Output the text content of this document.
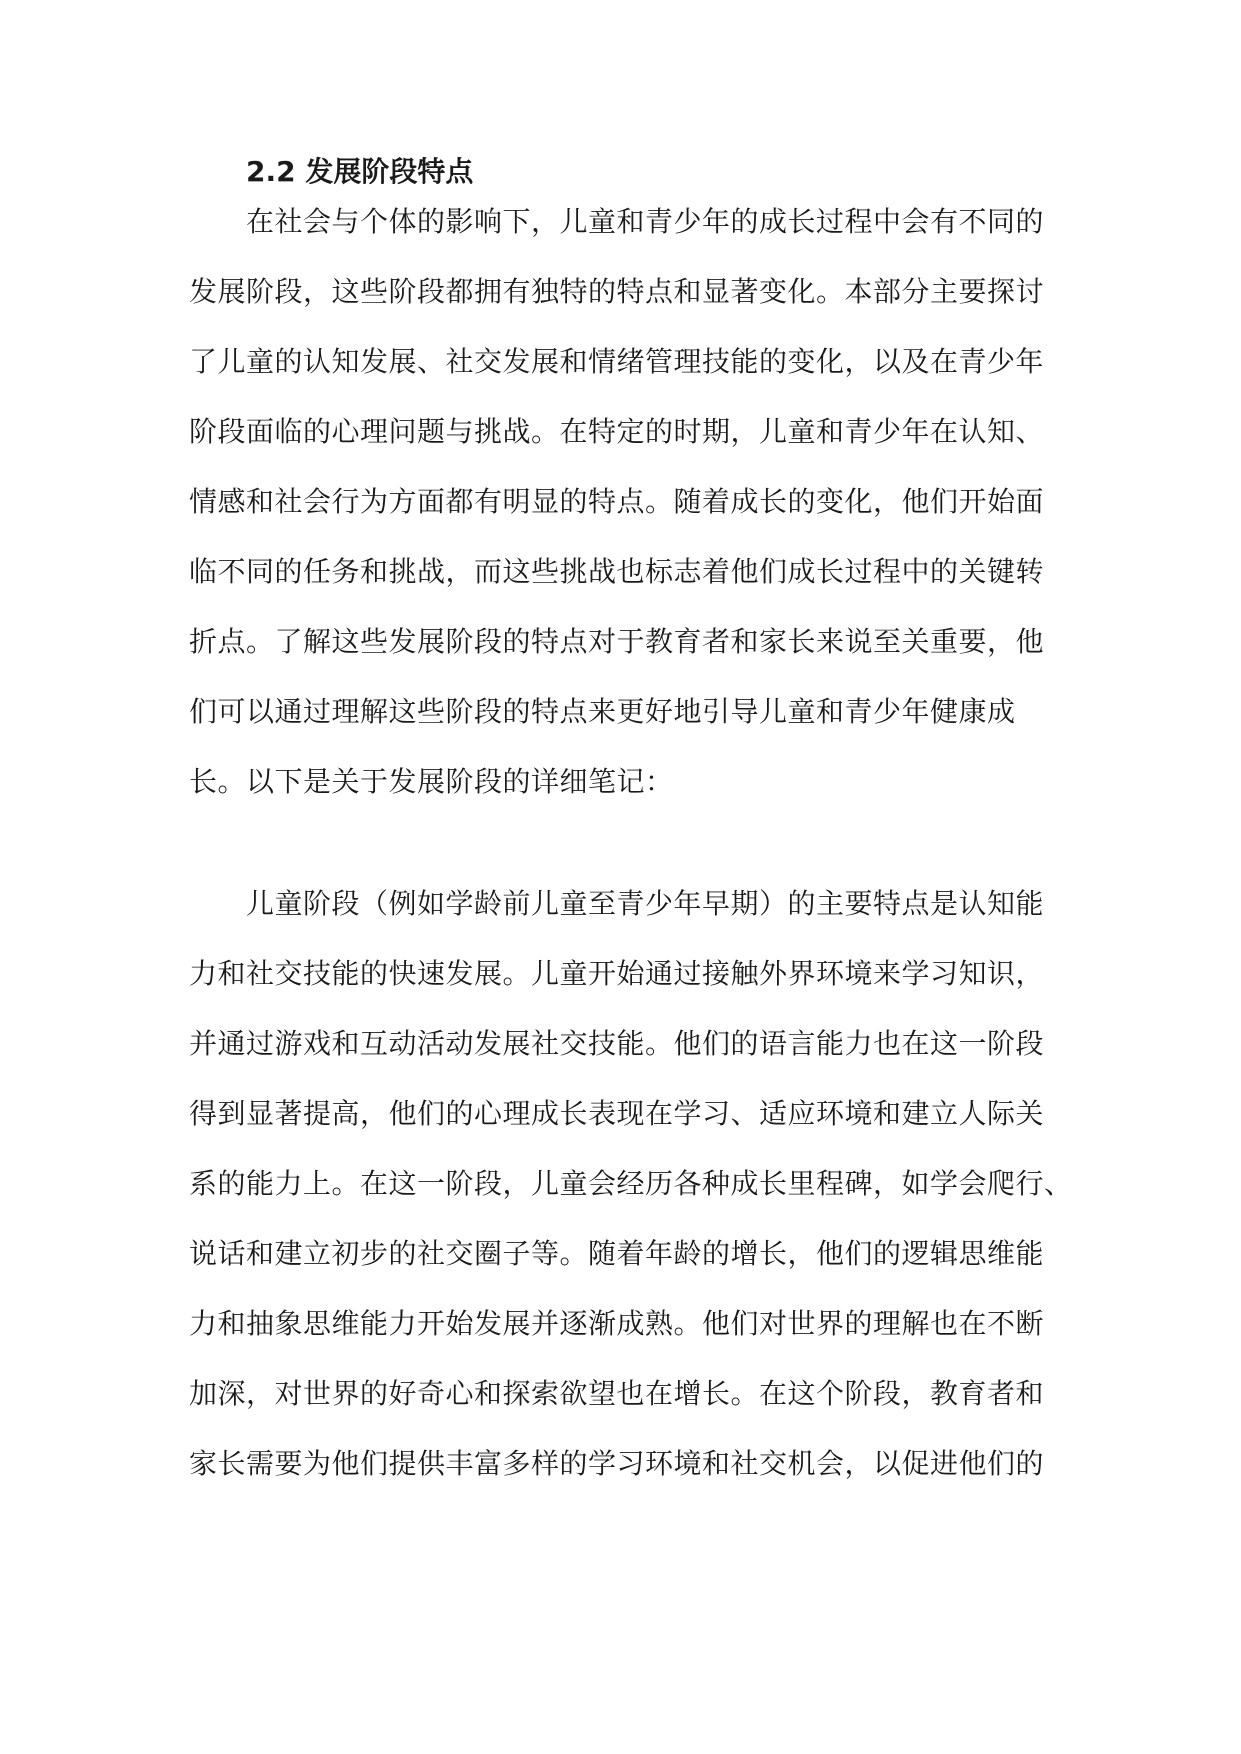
2.2 发展阶段特点

在社会与个体的影响下，儿童和青少年的成长过程中会有不同的

发展阶段，这些阶段都拥有独特的特点和显著变化。本部分主要探讨

了儿童的认知发展、社交发展和情绪管理技能的变化，以及在青少年

阶段面临的心理问题与挑战。在特定的时期，儿童和青少年在认知、

情感和社会行为方面都有明显的特点。随着成长的变化，他们开始面

临不同的任务和挑战，而这些挑战也标志着他们成长过程中的关键转

折点。了解这些发展阶段的特点对于教育者和家长来说至关重要，他

们可以通过理解这些阶段的特点来更好地引导儿童和青少年健康成

长。以下是关于发展阶段的详细笔记：

儿童阶段（例如学龄前儿童至青少年早期）的主要特点是认知能

力和社交技能的快速发展。儿童开始通过接触外界环境来学习知识，

并通过游戏和互动活动发展社交技能。他们的语言能力也在这一阶段

得到显著提高，他们的心理成长表现在学习、适应环境和建立人际关

系的能力上。在这一阶段，儿童会经历各种成长里程碑，如学会爬行、

说话和建立初步的社交圈子等。随着年龄的增长，他们的逻辑思维能

力和抽象思维能力开始发展并逐渐成熟。他们对世界的理解也在不断

加深，对世界的好奇心和探索欲望也在增长。在这个阶段，教育者和

家长需要为他们提供丰富多样的学习环境和社交机会，以促进他们的
